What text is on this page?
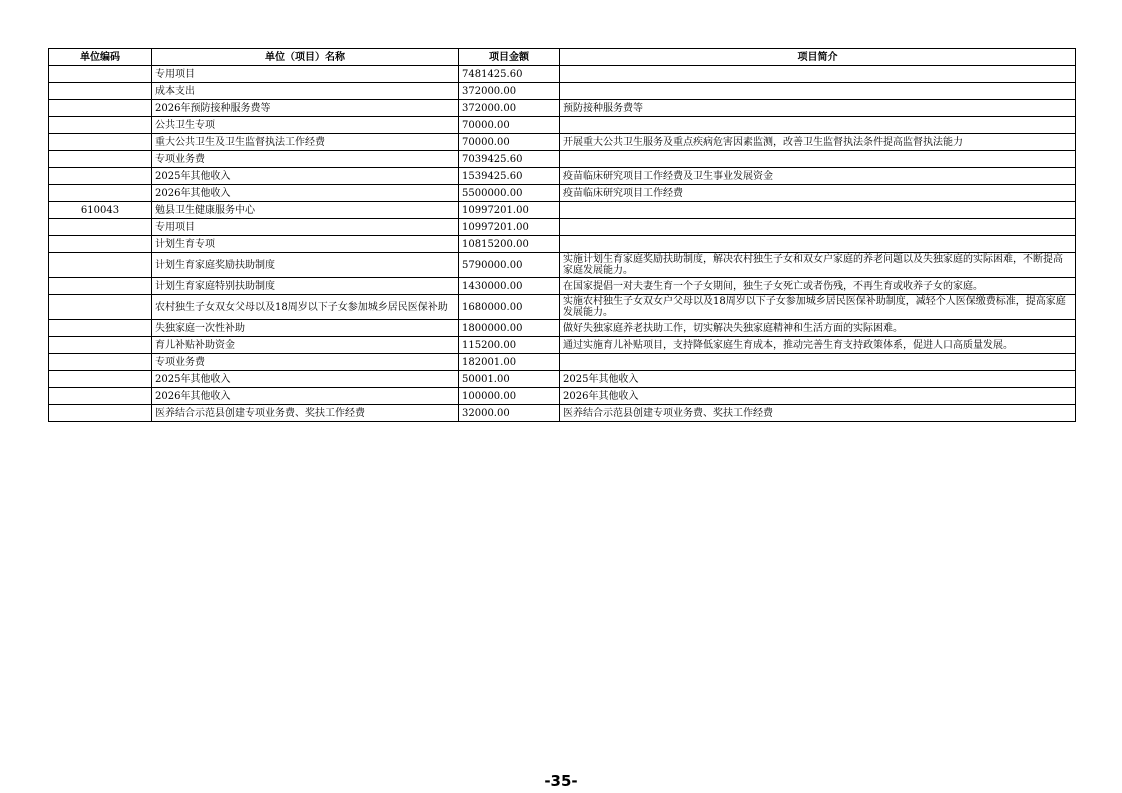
单位编码	单位（项目）名称	项目金额	项目简介
	专用项目	7481425.60	
	成本支出	372000.00	
	2026年预防接种服务费等	372000.00	预防接种服务费等
	公共卫生专项	70000.00	
	重大公共卫生及卫生监督执法工作经费	70000.00	开展重大公共卫生服务及重点疾病危害因素监测，改善卫生监督执法条件提高监督执法能力
	专项业务费	7039425.60	
	2025年其他收入	1539425.60	疫苗临床研究项目工作经费及卫生事业发展资金
	2026年其他收入	5500000.00	疫苗临床研究项目工作经费
610043	勉县卫生健康服务中心	10997201.00	
	专用项目	10997201.00	
	计划生育专项	10815200.00	
	计划生育家庭奖励扶助制度	5790000.00	实施计划生育家庭奖励扶助制度，解决农村独生子女和双女户家庭的养老问题以及失独家庭的实际困难，不断提高家庭发展能力。
	计划生育家庭特别扶助制度	1430000.00	在国家提倡一对夫妻生育一个子女期间，独生子女死亡或者伤残，不再生育或收养子女的家庭。
	农村独生子女双女父母以及18周岁以下子女参加城乡居民医保补助	1680000.00	实施农村独生子女双女户父母以及18周岁以下子女参加城乡居民医保补助制度，减轻个人医保缴费标准，提高家庭发展能力。
	失独家庭一次性补助	1800000.00	做好失独家庭养老扶助工作，切实解决失独家庭精神和生活方面的实际困难。
	育儿补贴补助资金	115200.00	通过实施育儿补贴项目，支持降低家庭生育成本，推动完善生育支持政策体系，促进人口高质量发展。
	专项业务费	182001.00	
	2025年其他收入	50001.00	2025年其他收入
	2026年其他收入	100000.00	2026年其他收入
	医养结合示范县创建专项业务费、奖扶工作经费	32000.00	医养结合示范县创建专项业务费、奖扶工作经费
-35-
